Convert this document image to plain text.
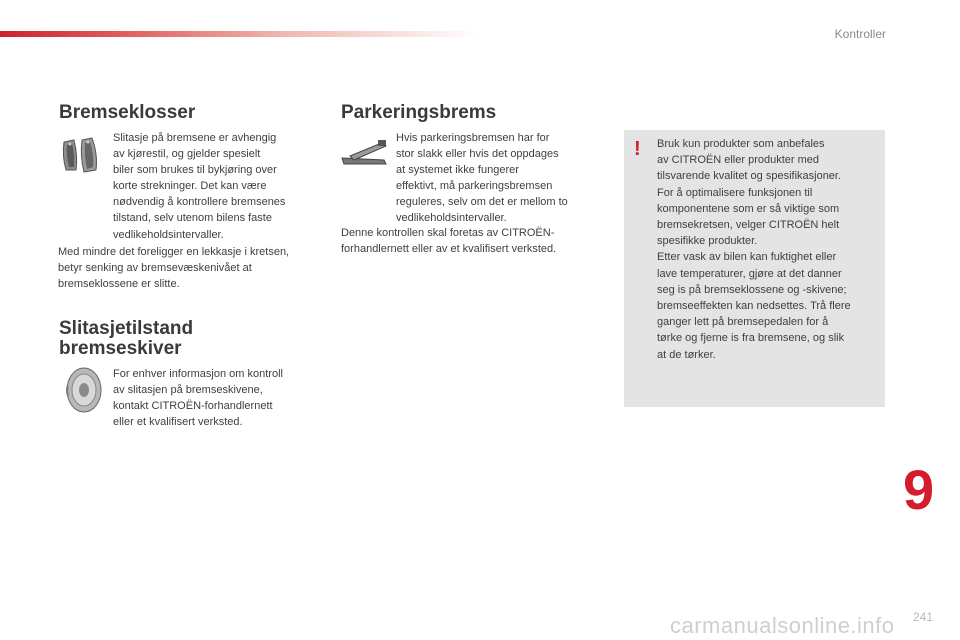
Kontroller
Bremseklosser

Slitasje på bremsene er avhengig
av kjørestil, og gjelder spesielt
biler som brukes til bykjøring over
korte strekninger. Det kan være
nødvendig å kontrollere bremsenes
tilstand, selv utenom bilens faste
vedlikeholdsintervaller.

Med mindre det foreligger en lekkasje i kretsen,
betyr senking av bremsevæskenivået at
bremseklossene er slitte.

Slitasjetilstand
bremseskiver

For enhver informasjon om kontroll
av slitasjen på bremseskivene,
kontakt CITROËN-forhandlernett
eller et kvalifisert verksted.

Parkeringsbrems

Hvis parkeringsbremsen har for
stor slakk eller hvis det oppdages
at systemet ikke fungerer
effektivt, må parkeringsbremsen
reguleres, selv om det er mellom to
vedlikeholdsintervaller.

Denne kontrollen skal foretas av CITROËN-
forhandlernett eller av et kvalifisert verksted.

!	Bruk kun produkter som anbefales
av CITROËN eller produkter med
tilsvarende kvalitet og spesifikasjoner.
For å optimalisere funksjonen til
komponentene som er så viktige som
bremsekretsen, velger CITROËN helt
spesifikke produkter.
Etter vask av bilen kan fuktighet eller
lave temperaturer, gjøre at det danner
seg is på bremseklossene og -skivene;
bremseeffekten kan nedsettes. Trå flere
ganger lett på bremsepedalen for å
tørke og fjerne is fra bremsene, og slik
at de tørker.

9
carmanualsonline.info 241
